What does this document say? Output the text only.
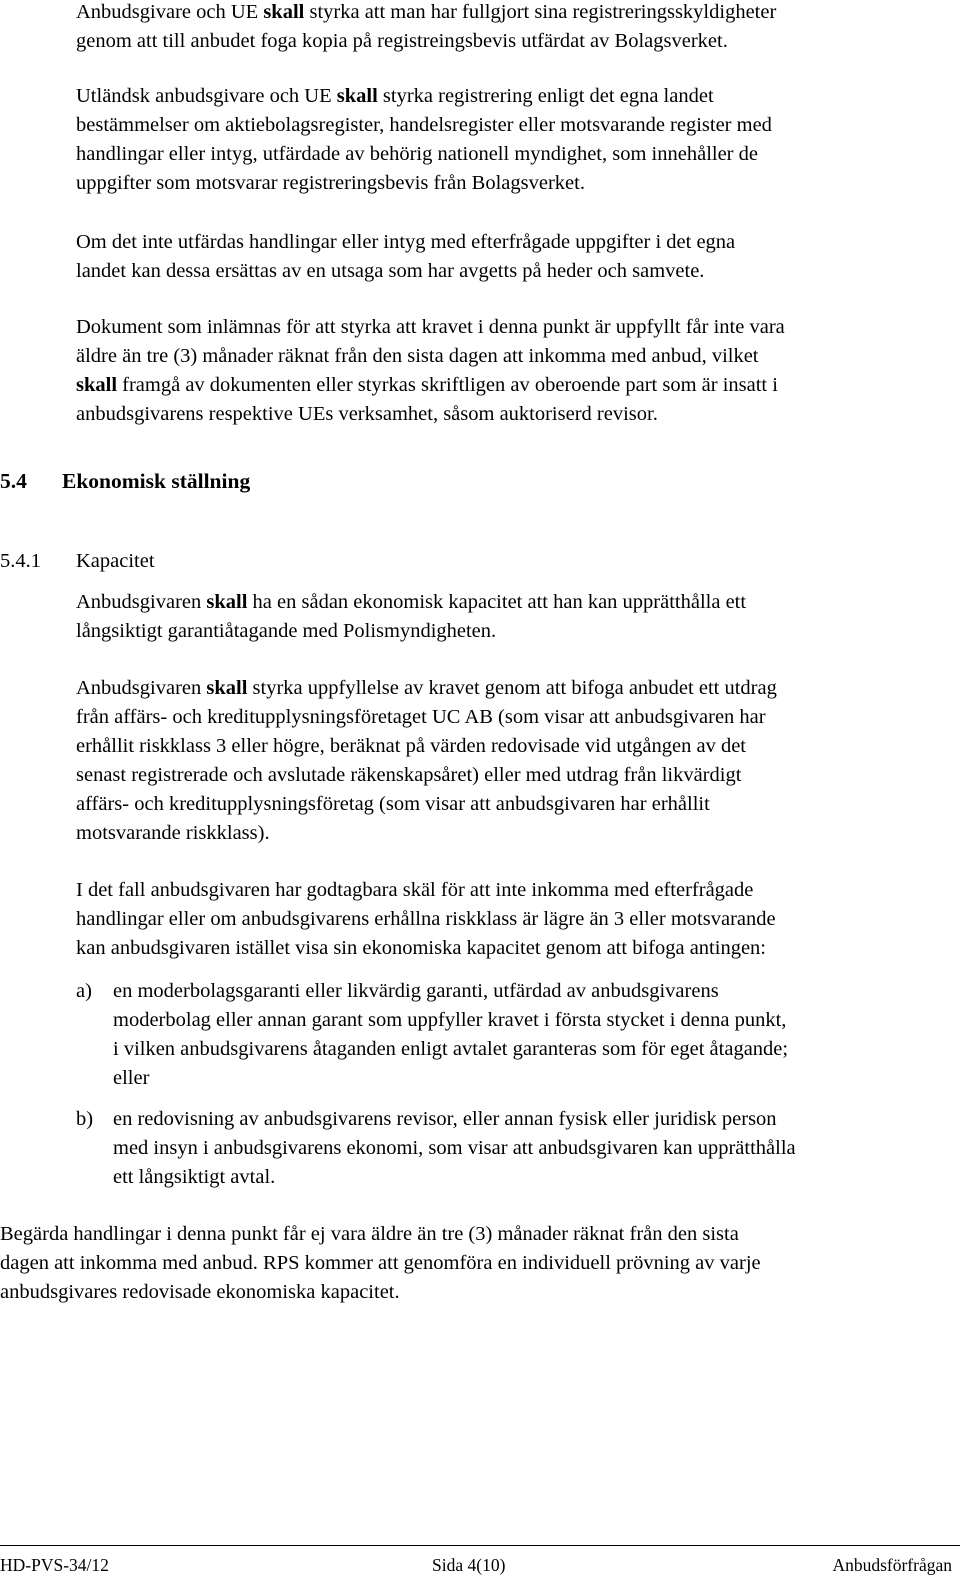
Anbudsgivare och UE skall styrka att man har fullgjort sina registreringsskyldigheter
genom att till anbudet foga kopia på registreingsbevis utfärdat av Bolagsverket.
Utländsk anbudsgivare och UE skall styrka registrering enligt det egna landet
bestämmelser om aktiebolagsregister, handelsregister eller motsvarande register med
handlingar eller intyg, utfärdade av behörig nationell myndighet, som innehåller de
uppgifter som motsvarar registreringsbevis från Bolagsverket.
Om det inte utfärdas handlingar eller intyg med efterfrågade uppgifter i det egna
landet kan dessa ersättas av en utsaga som har avgetts på heder och samvete.
Dokument som inlämnas för att styrka att kravet i denna punkt är uppfyllt får inte vara
äldre än tre (3) månader räknat från den sista dagen att inkomma med anbud, vilket
skall framgå av dokumenten eller styrkas skriftligen av oberoende part som är insatt i
anbudsgivarens respektive UEs verksamhet, såsom auktoriserd revisor.
5.4 Ekonomisk ställning
5.4.1 Kapacitet
Anbudsgivaren skall ha en sådan ekonomisk kapacitet att han kan upprätthålla ett
långsiktigt garantiåtagande med Polismyndigheten.
Anbudsgivaren skall styrka uppfyllelse av kravet genom att bifoga anbudet ett utdrag
från affärs- och kreditupplysningsföretaget UC AB (som visar att anbudsgivaren har
erhållit riskklass 3 eller högre, beräknat på värden redovisade vid utgången av det
senast registrerade och avslutade räkenskapsåret) eller med utdrag från likvärdigt
affärs- och kreditupplysningsföretag (som visar att anbudsgivaren har erhållit
motsvarande riskklass).
I det fall anbudsgivaren har godtagbara skäl för att inte inkomma med efterfrågade
handlingar eller om anbudsgivarens erhållna riskklass är lägre än 3 eller motsvarande
kan anbudsgivaren istället visa sin ekonomiska kapacitet genom att bifoga antingen:
a) en moderbolagsgaranti eller likvärdig garanti, utfärdad av anbudsgivarens
moderbolag eller annan garant som uppfyller kravet i första stycket i denna punkt,
i vilken anbudsgivarens åtaganden enligt avtalet garanteras som för eget åtagande;
eller
b) en redovisning av anbudsgivarens revisor, eller annan fysisk eller juridisk person
med insyn i anbudsgivarens ekonomi, som visar att anbudsgivaren kan upprätthålla
ett långsiktigt avtal.
Begärda handlingar i denna punkt får ej vara äldre än tre (3) månader räknat från den sista
dagen att inkomma med anbud. RPS kommer att genomföra en individuell prövning av varje
anbudsgivares redovisade ekonomiska kapacitet.
HD-PVS-34/12	Sida 4(10)	Anbudsförfrågan
